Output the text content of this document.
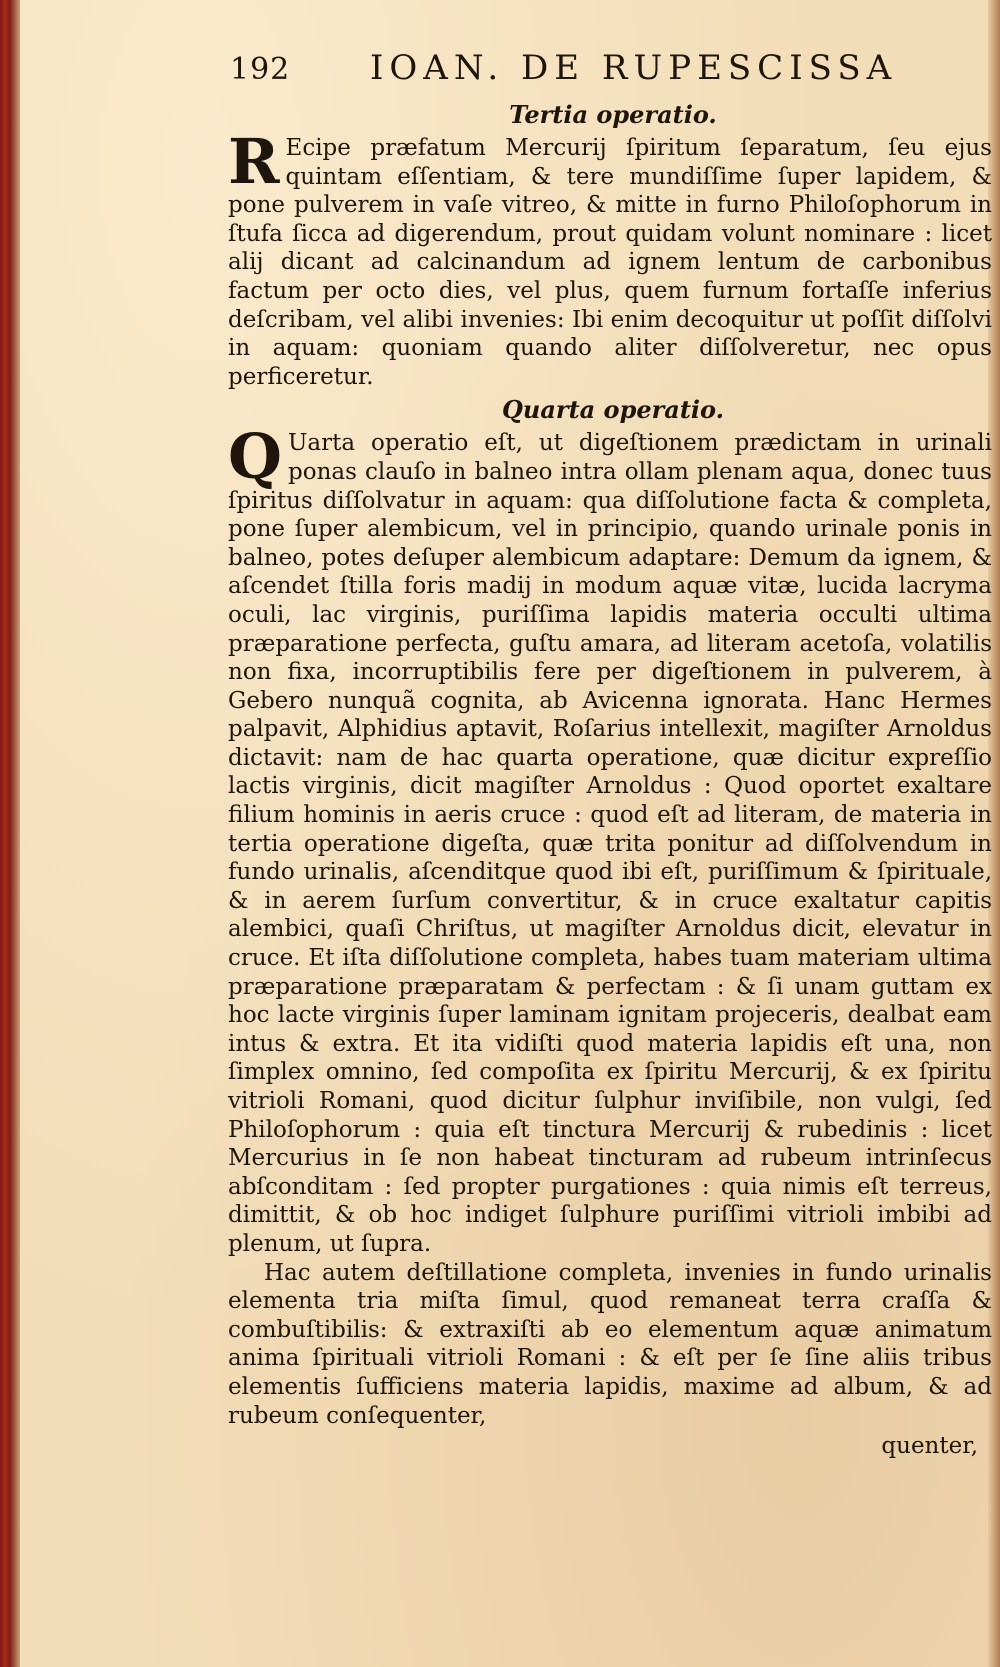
192 IOAN. DE RUPESCISSA
Tertia operatio.

R Ecipe præfatum Mercurij ſpiritum ſeparatum, ſeu ejus quintam eſſentiam, & tere mundiſſime ſuper lapidem, & pone pulverem in vaſe vitreo, & mitte in furno Philoſophorum in ſtufa ſicca ad digerendum, prout quidam volunt nominare : licet alij dicant ad calcinandum ad ignem lentum de carbonibus factum per octo dies, vel plus, quem furnum fortaſſe inferius deſcribam, vel alibi invenies: Ibi enim decoquitur ut poſſit diſſolvi in aquam: quoniam quando aliter diſſolveretur, nec opus perficeretur.

Quarta operatio.

Q Uarta operatio eſt, ut digeſtionem prædictam in urinali ponas clauſo in balneo intra ollam plenam aqua, donec tuus ſpiritus diſſolvatur in aquam: qua diſſolutione facta & completa, pone ſuper alembicum, vel in principio, quando urinale ponis in balneo, potes deſuper alembicum adaptare: Demum da ignem, & aſcendet ſtilla foris madij in modum aquæ vitæ, lucida lacryma oculi, lac virginis, puriſſima lapidis materia occulti ultima præparatione perfecta, guſtu amara, ad literam acetoſa, volatilis non fixa, incorruptibilis fere per digeſtionem in pulverem, à Gebero nunquã cognita, ab Avicenna ignorata. Hanc Hermes palpavit, Alphidius aptavit, Roſarius intellexit, magiſter Arnoldus dictavit: nam de hac quarta operatione, quæ dicitur expreſſio lactis virginis, dicit magiſter Arnoldus : Quod oportet exaltare filium hominis in aeris cruce : quod eſt ad literam, de materia in tertia operatione digeſta, quæ trita ponitur ad diſſolvendum in fundo urinalis, aſcenditque quod ibi eſt, puriſſimum & ſpirituale, & in aerem ſurſum convertitur, & in cruce exaltatur capitis alembici, quaſi Chriſtus, ut magiſter Arnoldus dicit, elevatur in cruce. Et iſta diſſolutione completa, habes tuam materiam ultima præparatione præparatam & perfectam : & ſi unam guttam ex hoc lacte virginis ſuper laminam ignitam projeceris, dealbat eam intus & extra. Et ita vidiſti quod materia lapidis eſt una, non ſimplex omnino, ſed compoſita ex ſpiritu Mercurij, & ex ſpiritu vitrioli Romani, quod dicitur ſulphur inviſibile, non vulgi, ſed Philoſophorum : quia eſt tinctura Mercurij & rubedinis : licet Mercurius in ſe non habeat tincturam ad rubeum intrinſecus abſconditam : ſed propter purgationes : quia nimis eſt terreus, dimittit, & ob hoc indiget ſulphure puriſſimi vitrioli imbibi ad plenum, ut ſupra.

Hac autem deſtillatione completa, invenies in fundo urinalis elementa tria miſta ſimul, quod remaneat terra craſſa & combuſtibilis: & extraxiſti ab eo elementum aquæ animatum anima ſpirituali vitrioli Romani : & eſt per ſe ſine aliis tribus elementis ſufficiens materia lapidis, maxime ad album, & ad rubeum conſequenter,

quenter,
